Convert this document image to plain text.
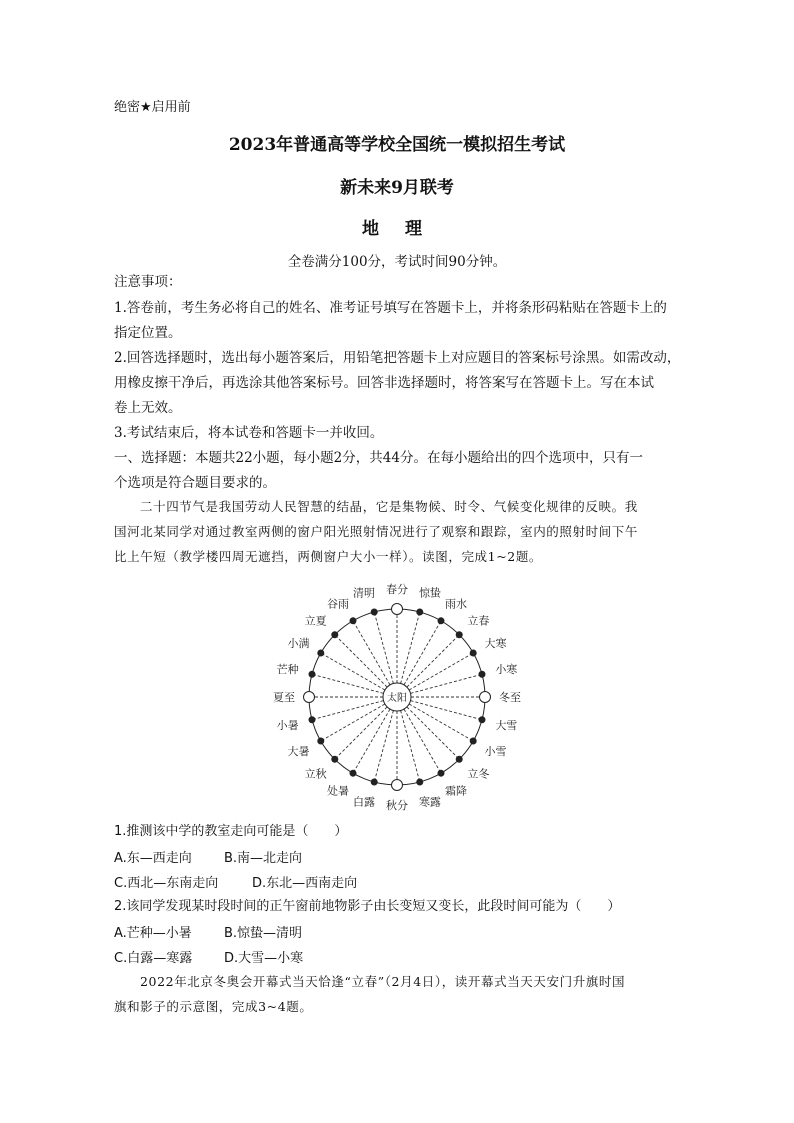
绝密★启用前
2023年普通高等学校全国统一模拟招生考试
新未来9月联考
地 理
全卷满分100分，考试时间90分钟。
注意事项：
1.答卷前，考生务必将自己的姓名、准考证号填写在答题卡上，并将条形码粘贴在答题卡上的
指定位置。
2.回答选择题时，选出每小题答案后，用铅笔把答题卡上对应题目的答案标号涂黑。如需改动，
用橡皮擦干净后，再选涂其他答案标号。回答非选择题时，将答案写在答题卡上。写在本试
卷上无效。
3.考试结束后，将本试卷和答题卡一并收回。
一、选择题：本题共22小题，每小题2分，共44分。在每小题给出的四个选项中，只有一
个选项是符合题目要求的。
二十四节气是我国劳动人民智慧的结晶，它是集物候、时令、气候变化规律的反映。我
国河北某同学对通过教室两侧的窗户阳光照射情况进行了观察和跟踪，室内的照射时间下午
比上午短（教学楼四周无遮挡，两侧窗户大小一样）。读图，完成1~2题。
春分 惊蛰
雨水
立春
大寒
小寒
冬至
大雪
小雪
立冬
霜降
寒露
秋分
白露
处暑
立秋
大暑
小暑
夏至
芒种
小满
立夏
谷雨
清明
太阳
1.推测该中学的教室走向可能是（　　）
A.东—西走向 B.南—北走向
C.西北—东南走向	D.东北—西南走向
2.该同学发现某时段时间的正午窗前地物影子由长变短又变长，此段时间可能为（　　）
A.芒种—小暑 B.惊蛰—清明
C.白露—寒露 D.大雪—小寒
2022年北京冬奥会开幕式当天恰逢“立春”（2月4日），读开幕式当天天安门升旗时国
旗和影子的示意图，完成3~4题。
